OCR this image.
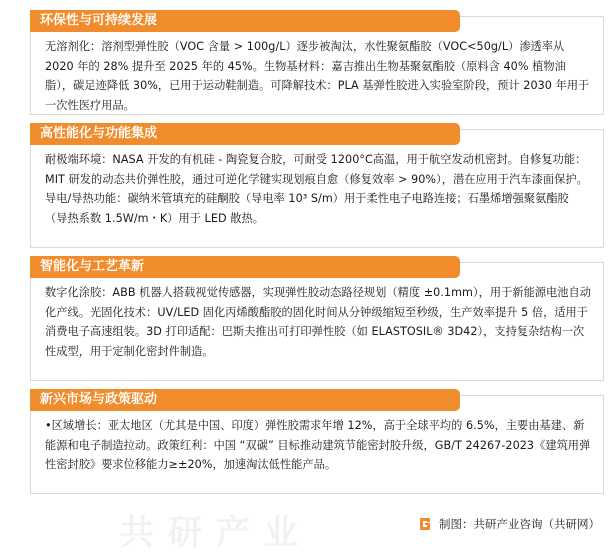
共研产业
环保性与可持续发展
无溶剂化：溶剂型弹性胶（VOC 含量 > 100g/L）逐步被淘汰，水性聚氨酯胶（VOC<50g/L）渗透率从 2020 年的 28% 提升至 2025 年的 45%。生物基材料：嘉吉推出生物基聚氨酯胶（原料含 40% 植物油脂），碳足迹降低 30%，已用于运动鞋制造。可降解技术：PLA 基弹性胶进入实验室阶段，预计 2030 年用于一次性医疗用品。
高性能化与功能集成
耐极端环境：NASA 开发的有机硅 - 陶瓷复合胶，可耐受 1200°C高温，用于航空发动机密封。自修复功能：MIT 研发的动态共价弹性胶，通过可逆化学键实现划痕自愈（修复效率 > 90%），潜在应用于汽车漆面保护。导电/导热功能：碳纳米管填充的硅酮胶（导电率 10³ S/m）用于柔性电子电路连接；石墨烯增强聚氨酯胶（导热系数 1.5W/m・K）用于 LED 散热。
智能化与工艺革新
数字化涂胶：ABB 机器人搭载视觉传感器，实现弹性胶动态路径规划（精度 ±0.1mm），用于新能源电池自动化产线。光固化技术：UV/LED 固化丙烯酸酯胶的固化时间从分钟级缩短至秒级，生产效率提升 5 倍，适用于消费电子高速组装。3D 打印适配：巴斯夫推出可打印弹性胶（如 ELASTOSIL® 3D42），支持复杂结构一次性成型，用于定制化密封件制造。
新兴市场与政策驱动
•区域增长：亚太地区（尤其是中国、印度）弹性胶需求年增 12%，高于全球平均的 6.5%，主要由基建、新能源和电子制造拉动。政策红利：中国 “双碳” 目标推动建筑节能密封胶升级，GB/T 24267-2023《建筑用弹性密封胶》要求位移能力≥±20%，加速淘汰低性能产品。
制图：共研产业咨询（共研网）
